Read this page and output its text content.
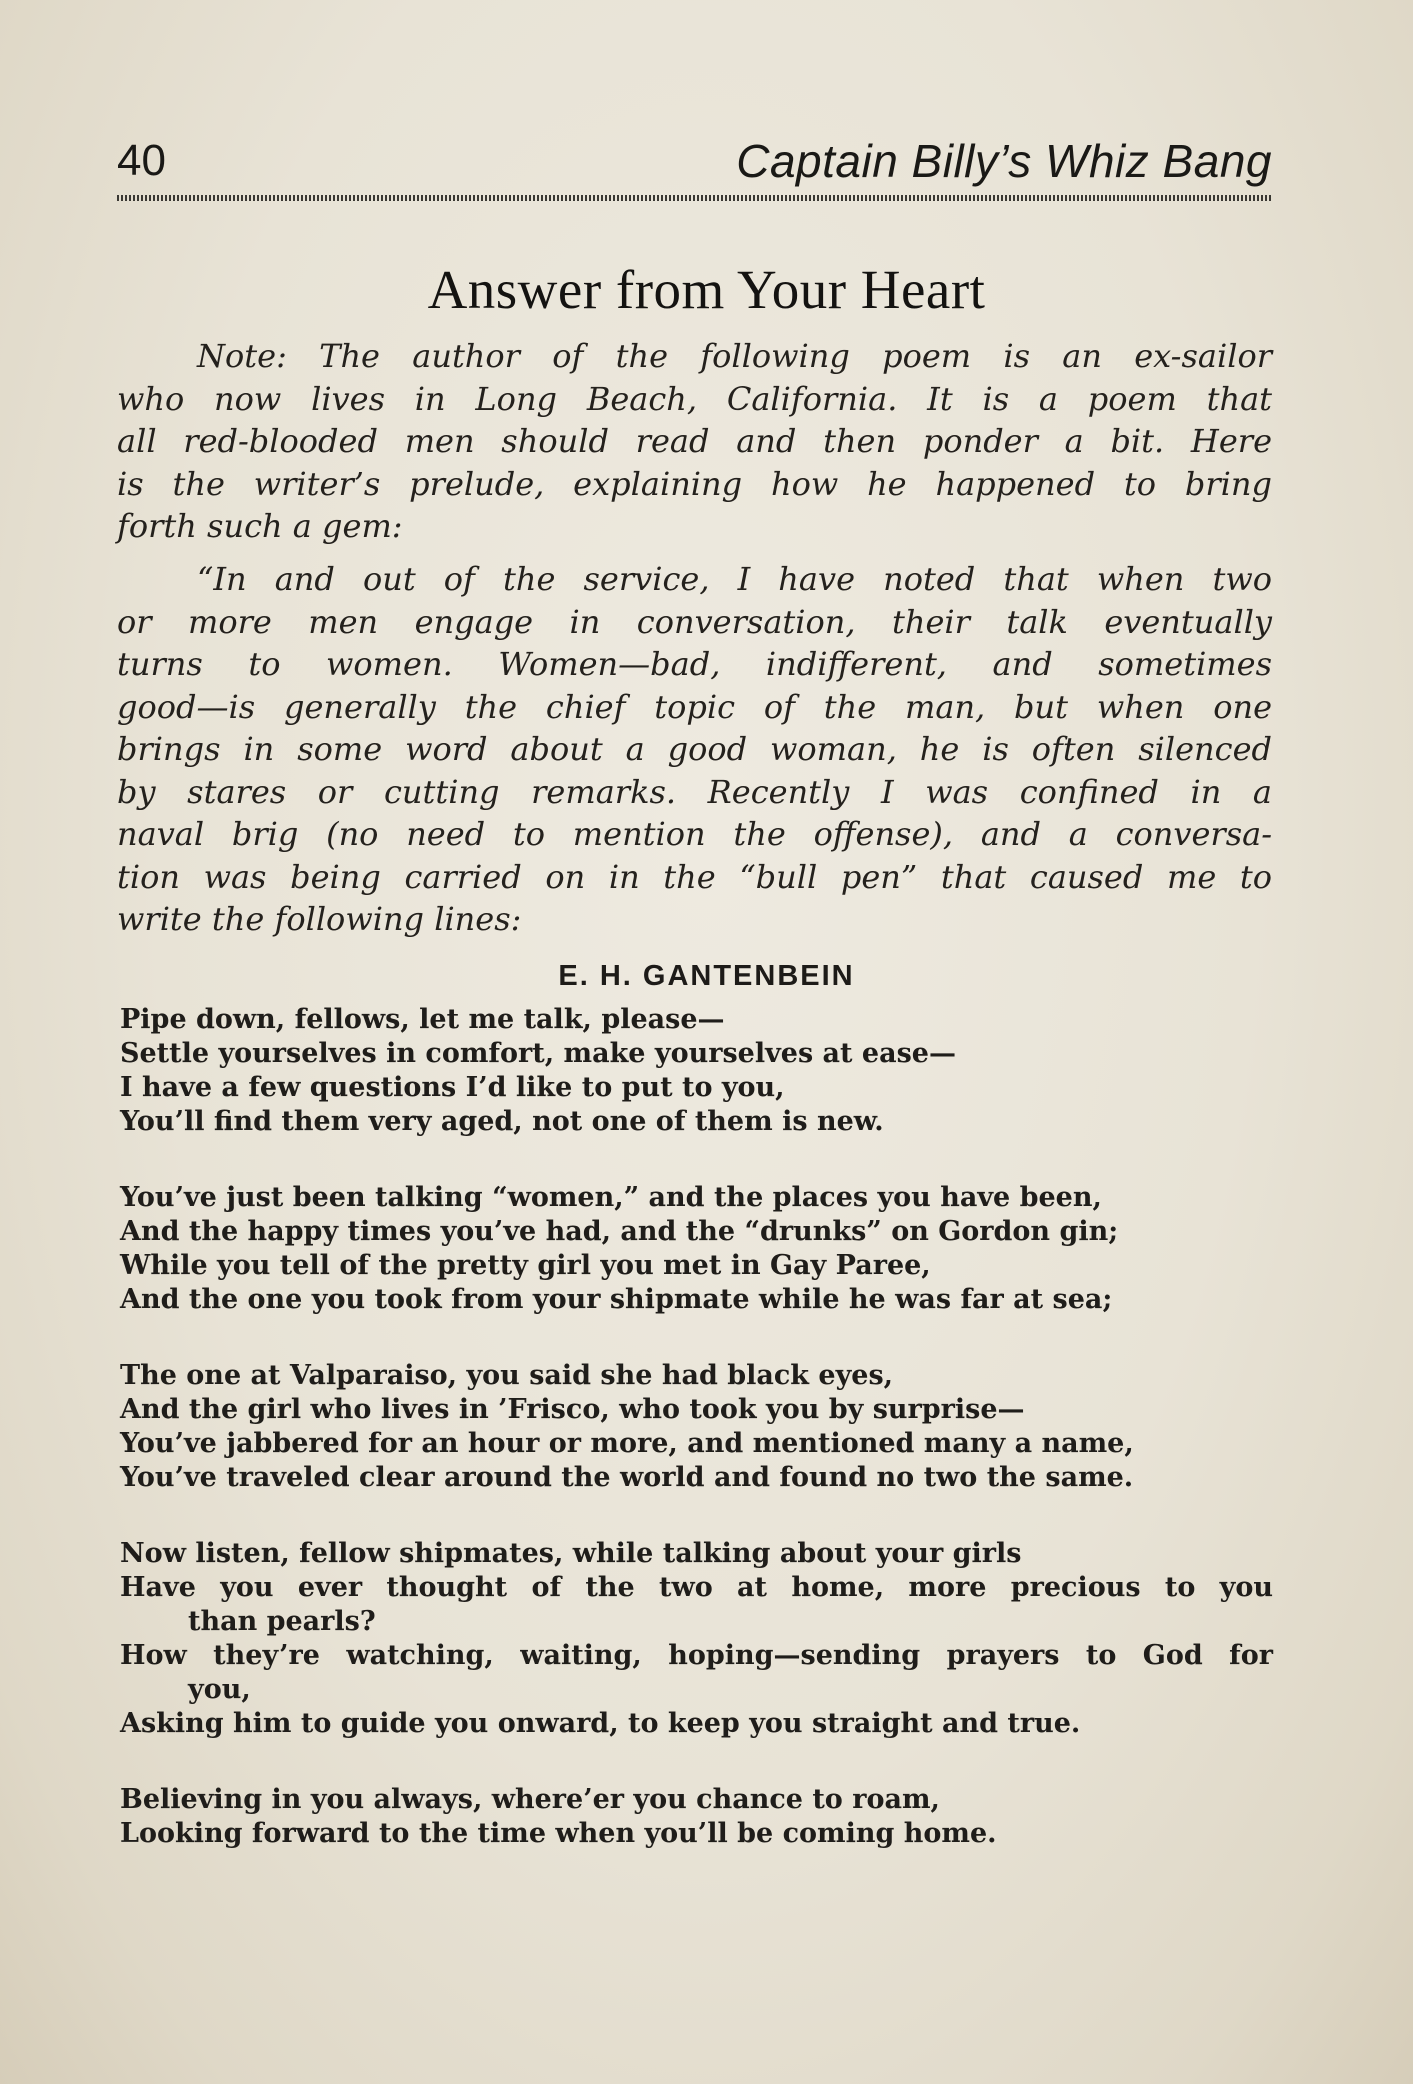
40	Captain Billy’s Whiz Bang
Answer from Your Heart
Note: The author of the following poem is an ex-sailor
who now lives in Long Beach, California. It is a poem that
all red-blooded men should read and then ponder a bit. Here
is the writer’s prelude, explaining how he happened to bring
forth such a gem:
“In and out of the service, I have noted that when two
or more men engage in conversation, their talk eventually
turns to women. Women—bad, indifferent, and sometimes
good—is generally the chief topic of the man, but when one
brings in some word about a good woman, he is often silenced
by stares or cutting remarks. Recently I was confined in a
naval brig (no need to mention the offense), and a conversa-
tion was being carried on in the “bull pen” that caused me to
write the following lines:
E. H. GANTENBEIN
Pipe down, fellows, let me talk, please—
Settle yourselves in comfort, make yourselves at ease—
I have a few questions I’d like to put to you,
You’ll find them very aged, not one of them is new.
You’ve just been talking “women,” and the places you have been,
And the happy times you’ve had, and the “drunks” on Gordon gin;
While you tell of the pretty girl you met in Gay Paree,
And the one you took from your shipmate while he was far at sea;
The one at Valparaiso, you said she had black eyes,
And the girl who lives in ’Frisco, who took you by surprise—
You’ve jabbered for an hour or more, and mentioned many a name,
You’ve traveled clear around the world and found no two the same.
Now listen, fellow shipmates, while talking about your girls
Have you ever thought of the two at home, more precious to you
than pearls?
How they’re watching, waiting, hoping—sending prayers to God for
you,
Asking him to guide you onward, to keep you straight and true.
Believing in you always, where’er you chance to roam,
Looking forward to the time when you’ll be coming home.
